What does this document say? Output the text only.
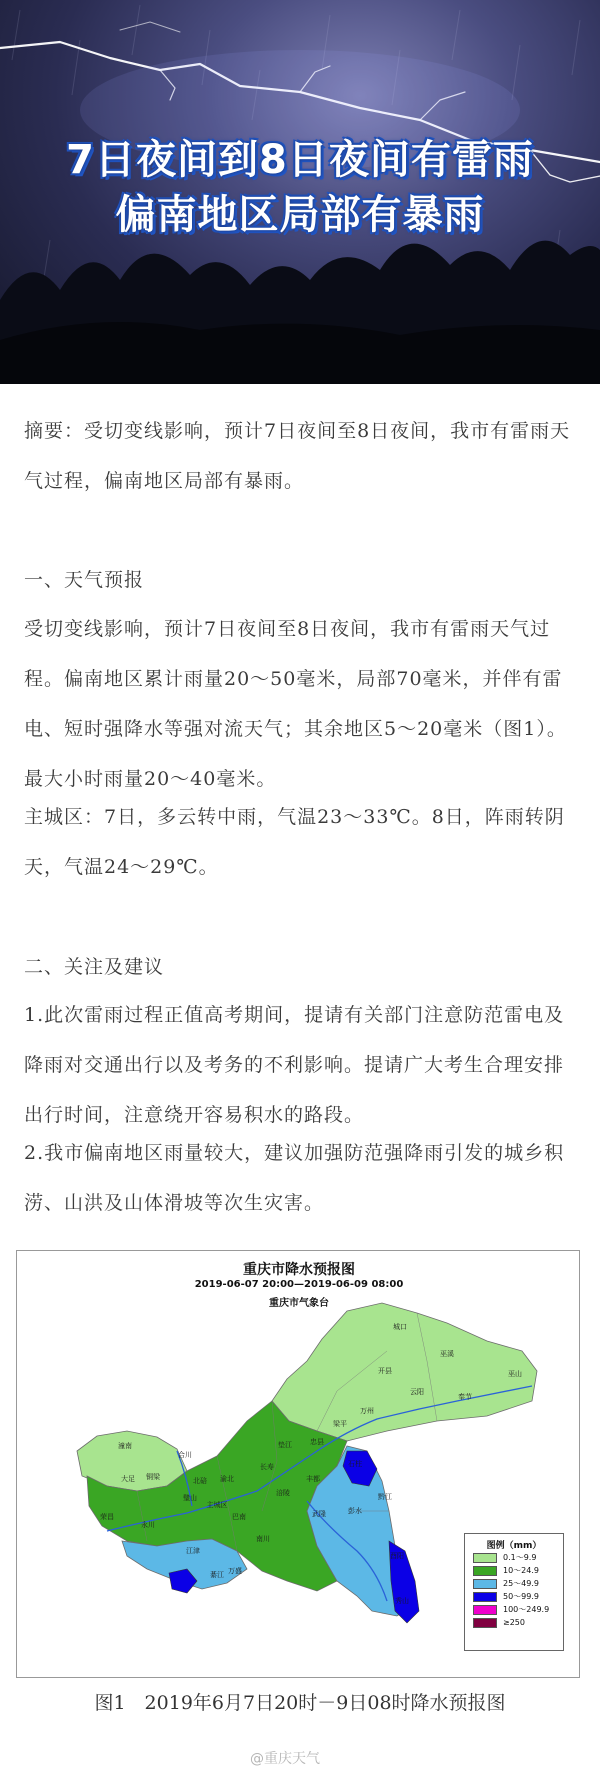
7日夜间到8日夜间有雷雨
偏南地区局部有暴雨

摘要：受切变线影响，预计7日夜间至8日夜间，我市有雷雨天气过程，偏南地区局部有暴雨。

一、天气预报

受切变线影响，预计7日夜间至8日夜间，我市有雷雨天气过程。偏南地区累计雨量20～50毫米，局部70毫米，并伴有雷电、短时强降水等强对流天气；其余地区5～20毫米（图1）。最大小时雨量20～40毫米。

主城区：7日，多云转中雨，气温23～33℃。8日，阵雨转阴天，气温24～29℃。

二、关注及建议

1.此次雷雨过程正值高考期间，提请有关部门注意防范雷电及降雨对交通出行以及考务的不利影响。提请广大考生合理安排出行时间，注意绕开容易积水的路段。

2.我市偏南地区雨量较大，建议加强防范强降雨引发的城乡积涝、山洪及山体滑坡等次生灾害。

重庆市降水预报图
2019-06-07 20:00—2019-06-09 08:00
重庆市气象台
城口
巫溪
开县
云阳
奉节
巫山
万州
梁平
忠县
垫江
石柱
长寿
丰都
涪陵
武隆	彭水
黔江
酉阳
秀山
南川
巴南
江津
綦江 万盛
永川
璧山
大足 铜梁
合川
潼南
北碚 渝北
荣昌
主城区
图例（mm）
0.1～9.9
10～24.9
25～49.9
50～99.9
100～249.9
≥250
图1　2019年6月7日20时－9日08时降水预报图
@重庆天气
